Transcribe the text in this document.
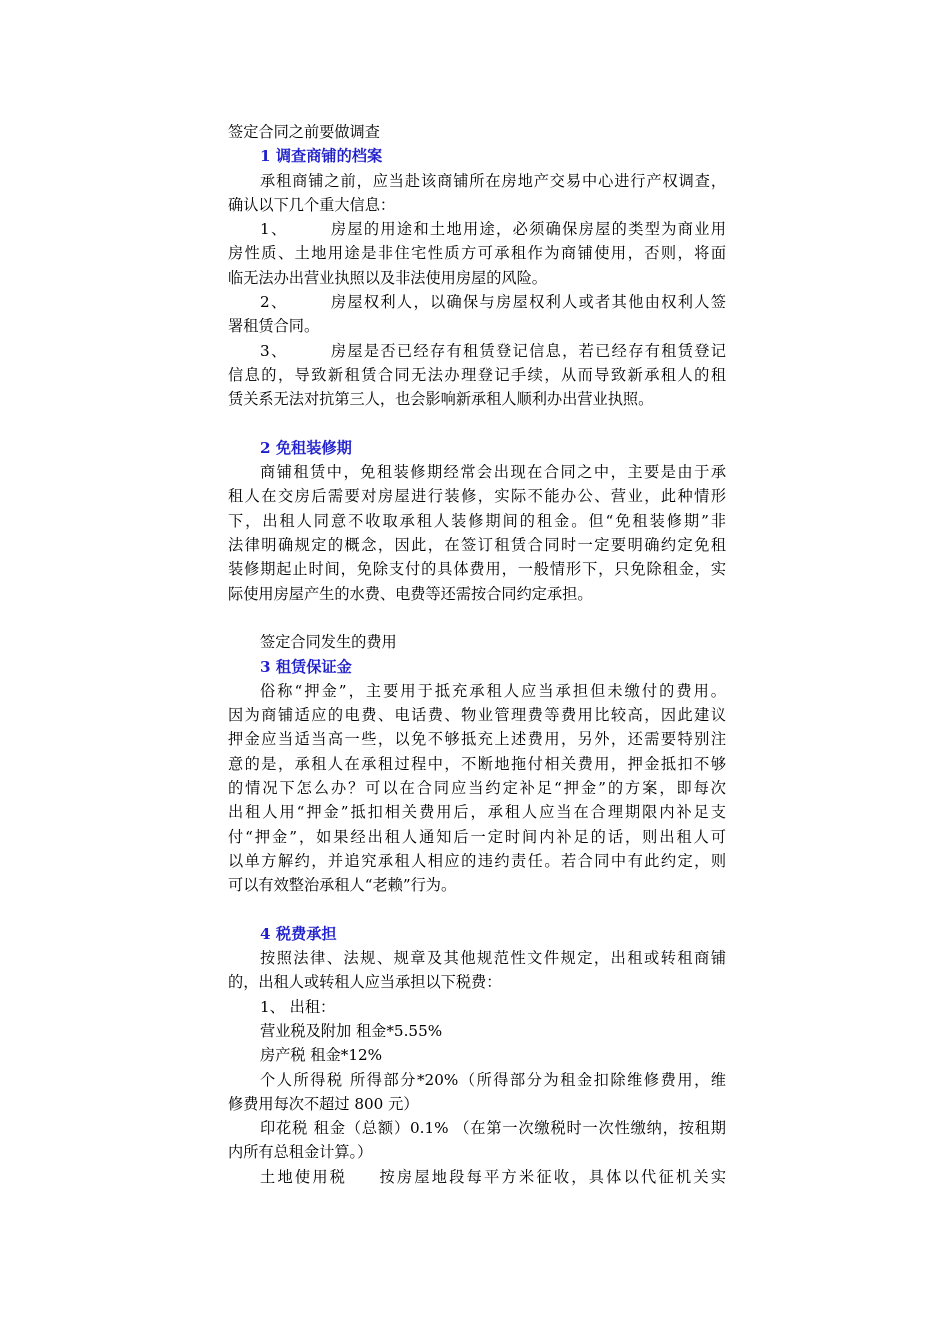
签定合同之前要做调查
1 调查商铺的档案
承租商铺之前，应当赴该商铺所在房地产交易中心进行产权调查，
确认以下几个重大信息：
1、	房屋的用途和土地用途，必须确保房屋的类型为商业用
房性质、土地用途是非住宅性质方可承租作为商铺使用，否则，将面
临无法办出营业执照以及非法使用房屋的风险。
2、	房屋权利人，以确保与房屋权利人或者其他由权利人签
署租赁合同。
3、	房屋是否已经存有租赁登记信息，若已经存有租赁登记
信息的，导致新租赁合同无法办理登记手续，从而导致新承租人的租
赁关系无法对抗第三人，也会影响新承租人顺利办出营业执照。
2 免租装修期
商铺租赁中，免租装修期经常会出现在合同之中，主要是由于承
租人在交房后需要对房屋进行装修，实际不能办公、营业，此种情形
下，出租人同意不收取承租人装修期间的租金。但“免租装修期”非
法律明确规定的概念，因此，在签订租赁合同时一定要明确约定免租
装修期起止时间，免除支付的具体费用，一般情形下，只免除租金，实
际使用房屋产生的水费、电费等还需按合同约定承担。
签定合同发生的费用
3 租赁保证金
俗称“押金”，主要用于抵充承租人应当承担但未缴付的费用。
因为商铺适应的电费、电话费、物业管理费等费用比较高，因此建议
押金应当适当高一些，以免不够抵充上述费用，另外，还需要特别注
意的是，承租人在承租过程中，不断地拖付相关费用，押金抵扣不够
的情况下怎么办？可以在合同应当约定补足“押金”的方案，即每次
出租人用“押金”抵扣相关费用后，承租人应当在合理期限内补足支
付“押金”，如果经出租人通知后一定时间内补足的话，则出租人可
以单方解约，并追究承租人相应的违约责任。若合同中有此约定，则
可以有效整治承租人“老赖”行为。
4 税费承担
按照法律、法规、规章及其他规范性文件规定，出租或转租商铺
的，出租人或转租人应当承担以下税费：
1、 出租：
营业税及附加 租金*5.55%
房产税 租金*12%
个人所得税 所得部分*20%（所得部分为租金扣除维修费用，维
修费用每次不超过 800 元）
印花税 租金（总额）0.1% （在第一次缴税时一次性缴纳，按租期
内所有总租金计算。）
土地使用税 按房屋地段每平方米征收，具体以代征机关实
